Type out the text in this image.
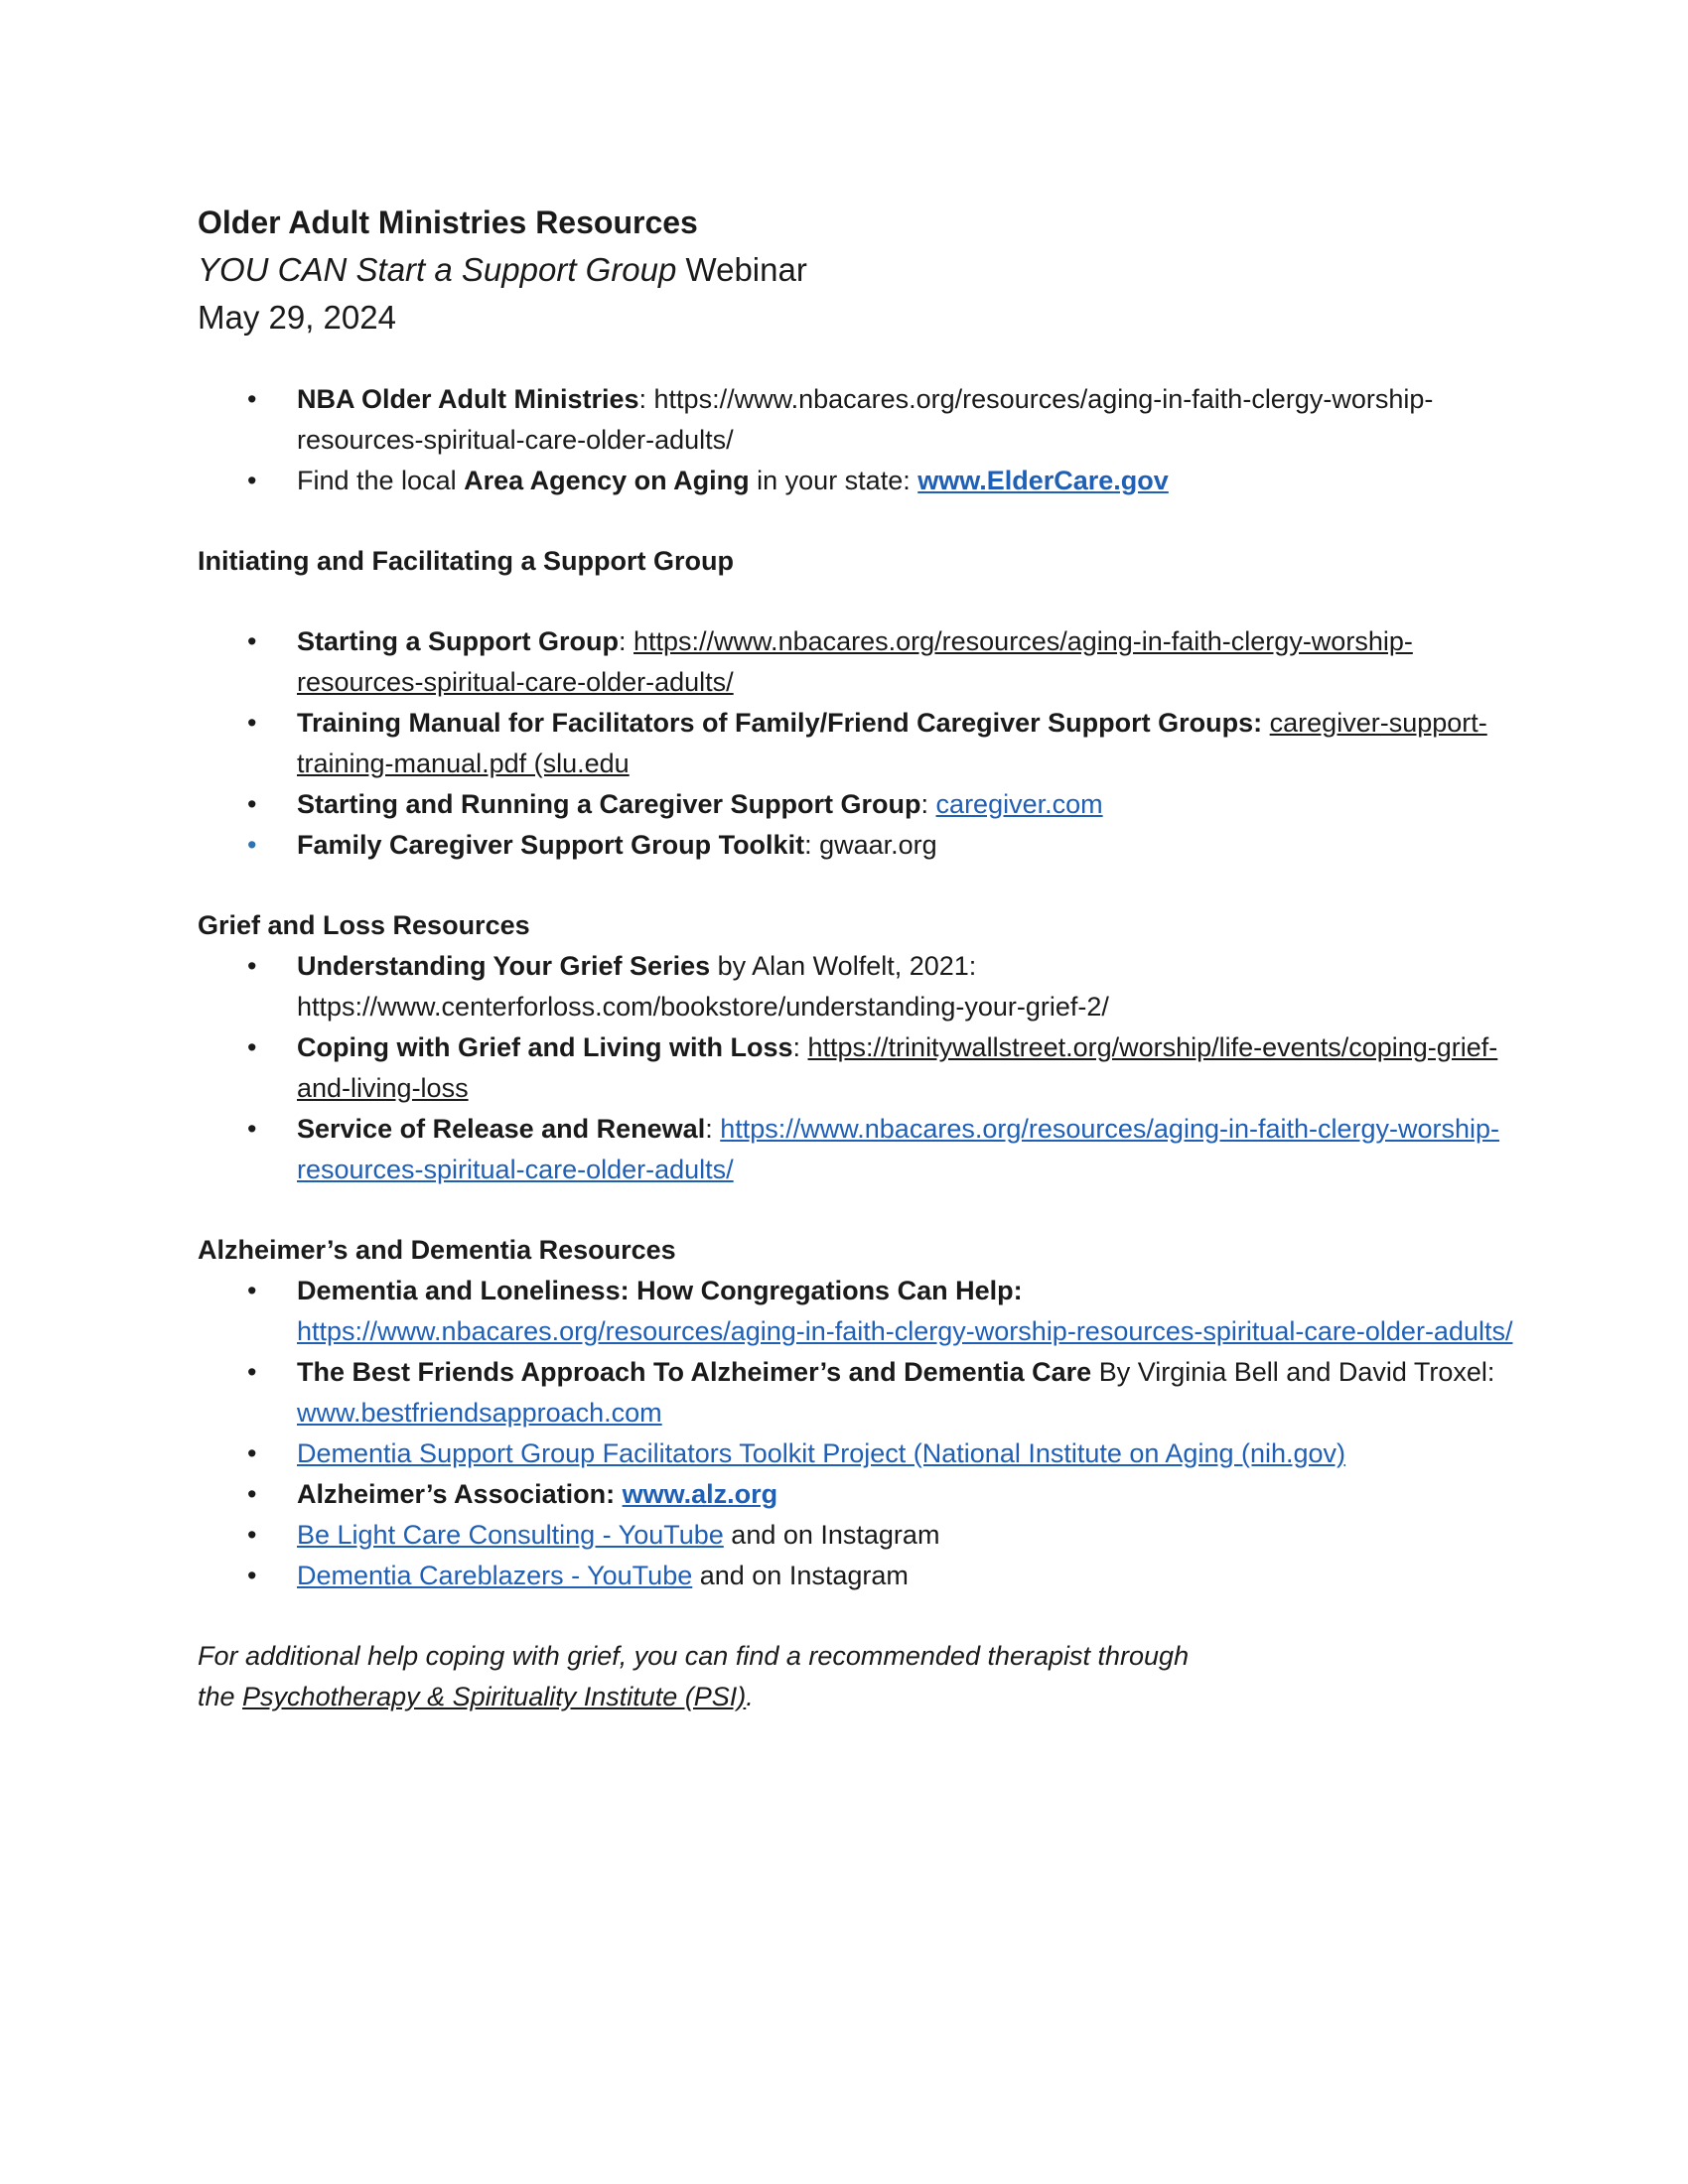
Older Adult Ministries Resources

YOU CAN Start a Support Group Webinar

May 29, 2024

•	NBA Older Adult Ministries: https://www.nbacares.org/resources/aging-in-faith-clergy-worship-resources-spiritual-care-older-adults/
•	Find the local Area Agency on Aging in your state: www.ElderCare.gov

Initiating and Facilitating a Support Group

•	Starting a Support Group: https://www.nbacares.org/resources/aging-in-faith-clergy-worship-resources-spiritual-care-older-adults/
•	Training Manual for Facilitators of Family/Friend Caregiver Support Groups: caregiver-support-training-manual.pdf (slu.edu
•	Starting and Running a Caregiver Support Group: caregiver.com
•	Family Caregiver Support Group Toolkit: gwaar.org

Grief and Loss Resources

•	Understanding Your Grief Series by Alan Wolfelt, 2021: https://www.centerforloss.com/bookstore/understanding-your-grief-2/
•	Coping with Grief and Living with Loss: https://trinitywallstreet.org/worship/life-events/coping-grief-and-living-loss
•	Service of Release and Renewal: https://www.nbacares.org/resources/aging-in-faith-clergy-worship-resources-spiritual-care-older-adults/

Alzheimer’s and Dementia Resources

•	Dementia and Loneliness: How Congregations Can Help:
https://www.nbacares.org/resources/aging-in-faith-clergy-worship-resources-spiritual-care-older-adults/
•	The Best Friends Approach To Alzheimer’s and Dementia Care By Virginia Bell and David Troxel: www.bestfriendsapproach.com
•	Dementia Support Group Facilitators Toolkit Project (National Institute on Aging (nih.gov)
•	Alzheimer’s Association: www.alz.org
•	Be Light Care Consulting - YouTube and on Instagram
•	Dementia Careblazers - YouTube and on Instagram

For additional help coping with grief, you can find a recommended therapist through
the Psychotherapy & Spirituality Institute (PSI).
